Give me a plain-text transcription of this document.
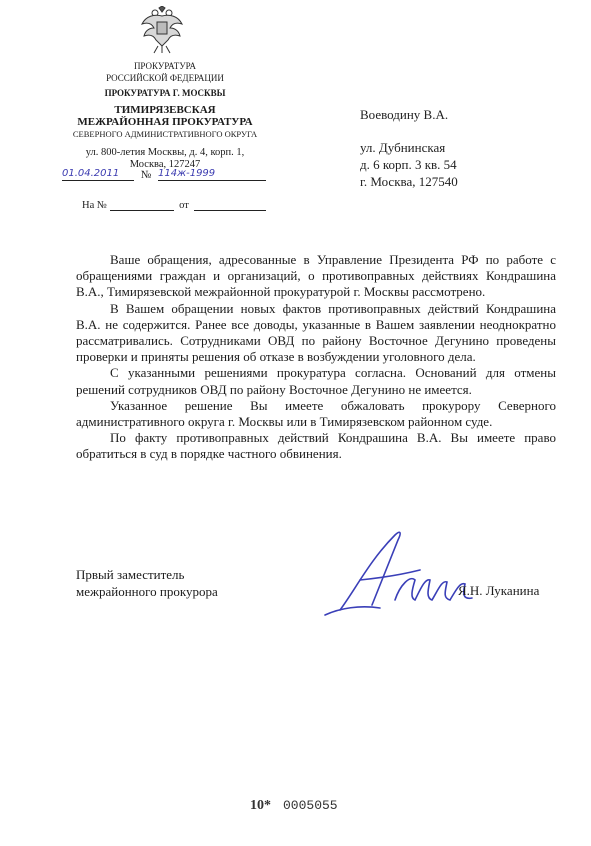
ПРОКУРАТУРА
РОССИЙСКОЙ ФЕДЕРАЦИИ
ПРОКУРАТУРА Г. МОСКВЫ
ТИМИРЯЗЕВСКАЯ
МЕЖРАЙОННАЯ ПРОКУРАТУРА
СЕВЕРНОГО АДМИНИСТРАТИВНОГО ОКРУГА
ул. 800-летия Москвы, д. 4, корп. 1,
Москва, 127247
01.04.2011 № 114ж-1999
На №	от
Воеводину В.А.
ул. Дубнинская
д. 6 корп. 3 кв. 54
г. Москва, 127540

Ваше обращения, адресованные в Управление Президента РФ по работе с обращениями граждан и организаций, о противоправных действиях Кондрашина В.А., Тимирязевской межрайонной прокуратурой г. Москвы рассмотрено.

В Вашем обращении новых фактов противоправных действий Кондрашина В.А. не содержится. Ранее все доводы, указанные в Вашем заявлении неоднократно рассматривались. Сотрудниками ОВД по району Восточное Дегунино проведены проверки и приняты решения об отказе в возбуждении уголовного дела.

С указанными решениями прокуратура согласна. Оснований для отмены решений сотрудников ОВД по району Восточное Дегунино не имеется.

Указанное решение Вы имеете обжаловать прокурору Северного административного округа г. Москвы или в Тимирязевском районном суде.

По факту противоправных действий Кондрашина В.А. Вы имеете право обратиться в суд в порядке частного обвинения.

Првый заместитель
межрайонного прокурора	Я.Н. Луканина
10* 0005055
